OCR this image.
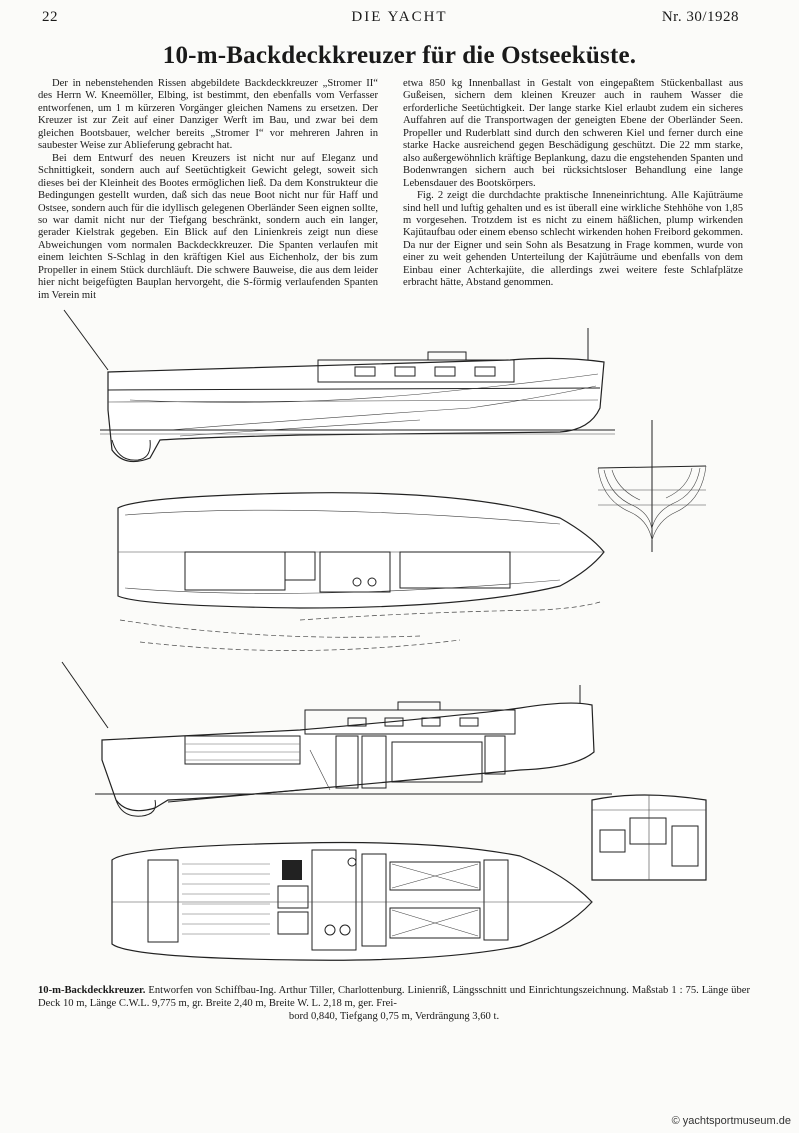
22	DIE YACHT	Nr. 30/1928
10-m-Backdeckkreuzer für die Ostseeküste.

Der in nebenstehenden Rissen abgebildete Backdeckkreuzer „Stromer II“ des Herrn W. Kneemöller, Elbing, ist bestimmt, den ebenfalls vom Verfasser entworfenen, um 1 m kürzeren Vorgänger gleichen Namens zu ersetzen. Der Kreuzer ist zur Zeit auf einer Danziger Werft im Bau, und zwar bei dem gleichen Bootsbauer, welcher bereits „Stromer I“ vor mehreren Jahren in saubester Weise zur Ablieferung gebracht hat.

Bei dem Entwurf des neuen Kreuzers ist nicht nur auf Eleganz und Schnittigkeit, sondern auch auf Seetüchtigkeit Gewicht gelegt, soweit sich dieses bei der Kleinheit des Bootes ermöglichen ließ. Da dem Konstrukteur die Bedingungen gestellt wurden, daß sich das neue Boot nicht nur für Haff und Ostsee, sondern auch für die idyllisch gelegenen Oberländer Seen eignen sollte, so war damit nicht nur der Tiefgang beschränkt, sondern auch ein langer, gerader Kielstrak gegeben. Ein Blick auf den Linienkreis zeigt nun diese Abweichungen vom normalen Backdeckkreuzer. Die Spanten verlaufen mit einem leichten S-Schlag in den kräftigen Kiel aus Eichenholz, der bis zum Propeller in einem Stück durchläuft. Die schwere Bauweise, die aus dem leider hier nicht beigefügten Bauplan hervorgeht, die S-förmig verlaufenden Spanten im Verein mit

etwa 850 kg Innenballast in Gestalt von eingepaßtem Stückenballast aus Gußeisen, sichern dem kleinen Kreuzer auch in rauhem Wasser die erforderliche Seetüchtigkeit. Der lange starke Kiel erlaubt zudem ein sicheres Auffahren auf die Transportwagen der geneigten Ebene der Oberländer Seen. Propeller und Ruderblatt sind durch den schweren Kiel und ferner durch eine starke Hacke ausreichend gegen Beschädigung geschützt. Die 22 mm starke, also außergewöhnlich kräftige Beplankung, dazu die engstehenden Spanten und Bodenwrangen sichern auch bei rücksichtsloser Behandlung eine lange Lebensdauer des Bootskörpers.

Fig. 2 zeigt die durchdachte praktische Inneneinrichtung. Alle Kajüträume sind hell und luftig gehalten und es ist überall eine wirkliche Stehhöhe von 1,85 m vorgesehen. Trotzdem ist es nicht zu einem häßlichen, plump wirkenden Kajütaufbau oder einem ebenso schlecht wirkenden hohen Freibord gekommen. Da nur der Eigner und sein Sohn als Besatzung in Frage kommen, wurde von einer zu weit gehenden Unterteilung der Kajüträume und ebenfalls von dem Einbau einer Achterkajüte, die allerdings zwei weitere feste Schlafplätze erbracht hätte, Abstand genommen.

10-m-Backdeckkreuzer. Entworfen von Schiffbau-Ing. Arthur Tiller, Charlottenburg. Linienriß, Längsschnitt und Einrichtungszeichnung. Maßstab 1 : 75. Länge über Deck 10 m, Länge C.W.L. 9,775 m, gr. Breite 2,40 m, Breite W. L. 2,18 m, ger. Frei-
bord 0,840, Tiefgang 0,75 m, Verdrängung 3,60 t.
© yachtsportmuseum.de
